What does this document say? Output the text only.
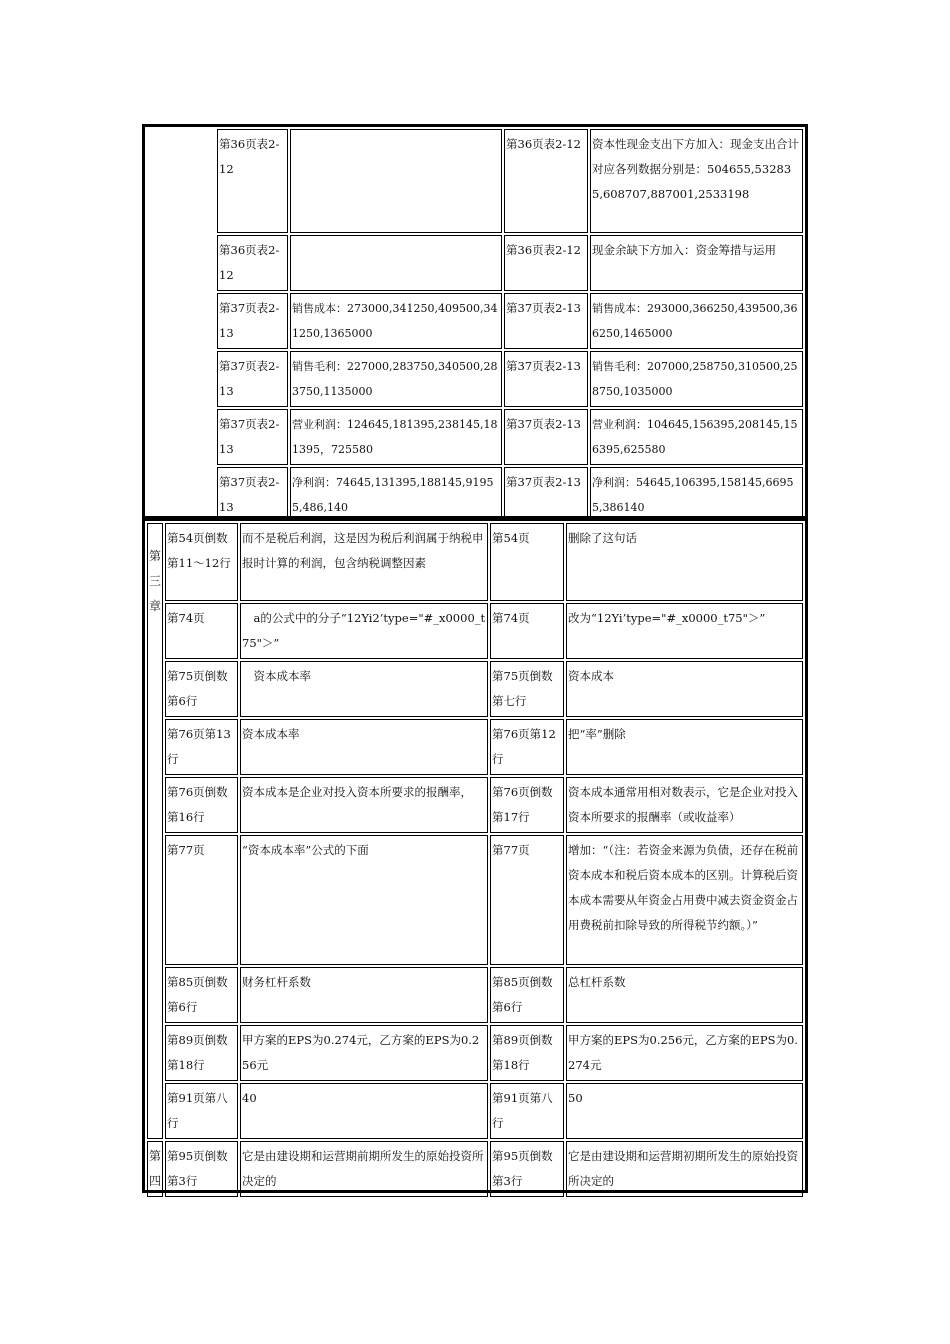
	第36页表2-12		第36页表2-12	资本性现金支出下方加入：现金支出合计对应各列数据分别是：504655,532835,608707,887001,2533198
	第36页表2-12		第36页表2-12	现金余缺下方加入：资金筹措与运用
	第37页表2-13	销售成本：273000,341250,409500,341250,1365000	第37页表2-13	销售成本：293000,366250,439500,366250,1465000
	第37页表2-13	销售毛利：227000,283750,340500,283750,1135000	第37页表2-13	销售毛利：207000,258750,310500,258750,1035000
	第37页表2-13	营业利润：124645,181395,238145,181395，725580	第37页表2-13	营业利润：104645,156395,208145,156395,625580
	第37页表2-13	净利润：74645,131395,188145,91955,486,140	第37页表2-13	净利润：54645,106395,158145,66955,386140
第三章	第54页倒数第11～12行	而不是税后利润，这是因为税后利润属于纳税申报时计算的利润，包含纳税调整因素	第54页	删除了这句话
	第74页	　a的公式中的分子“12Yi2’type="#_x0000_t75"＞”	第74页	改为“12Yi’type="#_x0000_t75"＞”
	第75页倒数第6行	　资本成本率	第75页倒数第七行	资本成本
	第76页第13行	资本成本率	第76页第12行	把“率”删除
	第76页倒数第16行	资本成本是企业对投入资本所要求的报酬率，	第76页倒数第17行	资本成本通常用相对数表示，它是企业对投入资本所要求的报酬率（或收益率）
	第77页	“资本成本率”公式的下面	第77页	增加：“（注：若资金来源为负债，还存在税前资本成本和税后资本成本的区别。计算税后资本成本需要从年资金占用费中减去资金资金占用费税前扣除导致的所得税节约额。）”
	第85页倒数第6行	财务杠杆系数	第85页倒数第6行	总杠杆系数
	第89页倒数第18行	甲方案的EPS为0.274元，乙方案的EPS为0.256元	第89页倒数第18行	甲方案的EPS为0.256元，乙方案的EPS为0.274元
	第91页第八行	40	第91页第八行	50
第四	第95页倒数第3行	它是由建设期和运营期前期所发生的原始投资所决定的	第95页倒数第3行	它是由建设期和运营期初期所发生的原始投资所决定的
